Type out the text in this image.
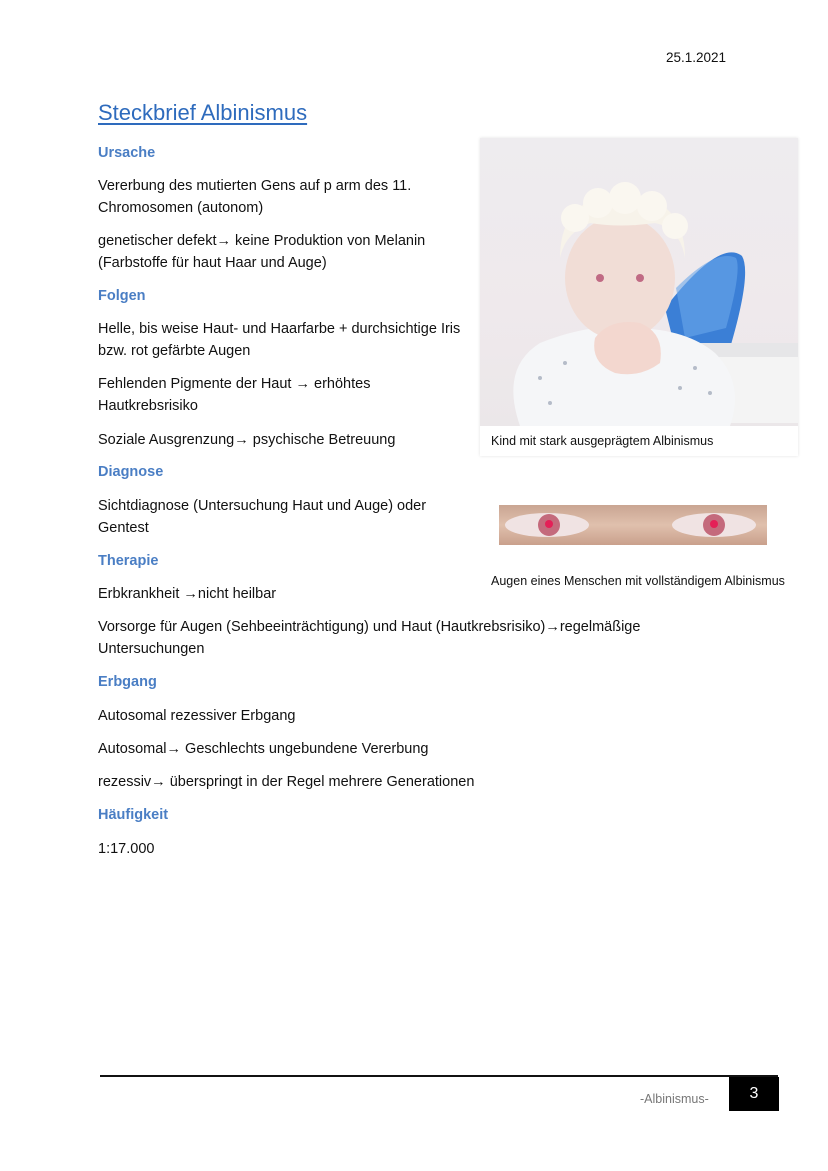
25.1.2021
Steckbrief Albinismus
Ursache

Vererbung des mutierten Gens auf p arm des 11. Chromosomen (autonom)

genetischer defekt→ keine Produktion von Melanin (Farbstoffe für haut Haar und Auge)

Folgen

Helle, bis weise Haut- und Haarfarbe + durchsichtige Iris bzw. rot gefärbte Augen

Fehlenden Pigmente der Haut → erhöhtes Hautkrebsrisiko

Soziale Ausgrenzung→ psychische Betreuung

Diagnose

Sichtdiagnose (Untersuchung Haut und Auge) oder Gentest

Therapie

Erbkrankheit →nicht heilbar

Vorsorge für Augen (Sehbeeinträchtigung) und Haut (Hautkrebsrisiko)→regelmäßige Untersuchungen

Erbgang

Autosomal rezessiver Erbgang

Autosomal→ Geschlechts ungebundene Vererbung

rezessiv→ überspringt in der Regel mehrere Generationen

Häufigkeit

1:17.000

Kind mit stark ausgeprägtem Albinismus
Augen eines Menschen mit vollständigem Albinismus
-Albinismus-	3
